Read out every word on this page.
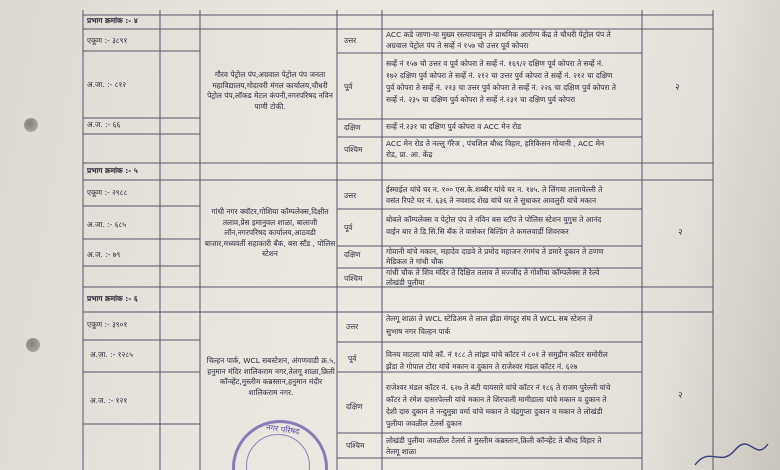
प्रभाग क्रमांक :- ४
एकूण :- ३८९१
अ.जा. :- ८१२
अ.ज. :- ६६
गौरव पेट्रोल पंप,अग्रवाल पेट्रोल पंप जनता महाविद्यालय,गोदावरी मंगल कार्यालय,चौधरी पेट्रोल पंप,लॉकड मेटल कंपनी,नगरपरिषद नविन पाणी टोकी.
२
उत्तर
ACC कडे जाणा-या मुख्य रस्त्यापासुन ते प्राथमिक आरोग्य केंद्र ते चौधरी पेट्रोल पंप ते
अग्रवाल पेट्रोल पंप ते सर्व्हे नं १५७ चो उत्तर पूर्व कोपरा
पूर्व
सर्व्हे नं १५७ चो उत्तर व पूर्व कोपरा ते सर्व्हे नं. १६९/२ दक्षिण पूर्व कोपरा ते सर्व्हे नं.
१७२ दक्षिण पुर्व कोपरा ते सर्व्हे नं. २१२ चा उत्तर पुर्व कोपरा ते सर्व्हे नं. २१२ चा दक्षिण
पुर्व कोपरा ते सर्व्हे नं. २१३ चा उत्तर पुर्व कोपरा ते सर्व्हे नं. २२६ चा दक्षिण पुर्व कोपरा ते
सर्व्हे नं. २३५ चा दक्षिण पुर्व कोपरा ते सर्व्हे नं.२३१ चा दक्षिण पुर्व कोपरा
दक्षिण	सर्व्हे नं.२३१ चा दक्षिण पुर्व कोपरा व ACC मेन रोड
पश्चिम
ACC मेन रोड ते नल्लु गॅरेज , पंचशिल बौध्द विहार, हरिकिसन गोयानी , ACC मेन
रोड, प्रा. आ. केंद्र
प्रभाग क्रमांक :- ५
एकूण :- २९८८
अ.जा. :- ६८५
अ.ज. :- ७९
गांधी नगर क्वॉटर,गोशिया कॉम्पलेक्स,दिक्षीत तलाव,प्रेस इमानुवल शाळा, बालाजी लॉन,नगरपरिषद कार्यालय,आठवडी बाजार,मध्यवर्ती सहाकारी बँक, बस स्टँड , पोलिस स्टेशन
२
उत्तर
ईस्माईल यांचे घर न. १०० एस.के.शब्बीर यांचे घर न. १४५. ते लिंगया तालापेल्ली ते
वसंत रिपटे घर नं. ६३६ ते नवशाद शेख यांचे घर ते सुधाकर आवलुरी यांचे मकान
पूर्व
बोबले कॉम्पलेक्स व पेट्रोल पंप ते नविन बस स्टॉप ते पोलिस स्टेशन युगुस ते आनंद
वाईन बार ते डि.सि.सि बॅंक ते वासेकर बिल्डिंग ते कमलवार्डी शिवरकर
दक्षिण	गोयानी यांचे मकान, महादेव दाडवे ते प्रमोद महाजन रंगमंच ते डमारे दुकान ते ठणण
मेडिकल ते गांधी चौक
पश्चिम
गांधी चौक ते शिव मंदिर ते दिक्षित तलाव ते मज्जीद ते गोशीया कॉम्पलेक्स ते रेल्वे
लोखंडी पुलीया
प्रभाग क्रमांक :- ६
एकूण :- ३९०१
अ.जा. :- १२८५
अ.ज. :- १२१
चिल्हन पार्क, WCL सबस्टेशन, अंगणवाडी क्र.५, हनुमान मंदिर शालिकराम नगर,तेलगू शाळा,क्रिती कॉन्व्हेंट,मुस्लीम कब्रस्तान,हनुमान मंदीर शालिकराम नगर.	२
उत्तर
तेलगू शाळा ते WCL स्टेडिअम ते लाल झेंडा मंगदूर संघ ते WCL सब स्टेशन ते
सुभाष नगर चिल्हन पार्क
पूर्व	विनय माटला यांचे कॉ. नं १८८ ते लांझा यांचे कॉटर नं ८०१ ते समुद्रीन कॉटर समोरील
झेंडा ते गोपाल टोरा यांचे मकान व दुकान ते राजेश्वर मंडल कॉटर नं. ६२७
दक्षिण
राजेश्वर मंडल कॉटर नं. ६२७ ते बंटी यायसारे यांचे कॉटर नं १८६ ते राजम पुरेल्ली यांचे
कॉटर ते रमेश दासरपेल्ली यांचे मकान ते शिरपाली मामीडाला यांचे मकान व दुकान ते
देशी दारु दुकान ते नन्दुमुन्ना वर्मा यांचे मकान ते चंद्रगुप्ता दुकान व मकान ते लोखंडी
पुलीया जवळील टेलर्स दुकान
पश्चिम
लोखंडी पुलीया जवळील टेलर्स ते मुस्लीम कब्रस्तान,क्रिती कॉन्व्हेंट ते बौध्द विहार ते
तेलगू शाळा
नगर परिषद
